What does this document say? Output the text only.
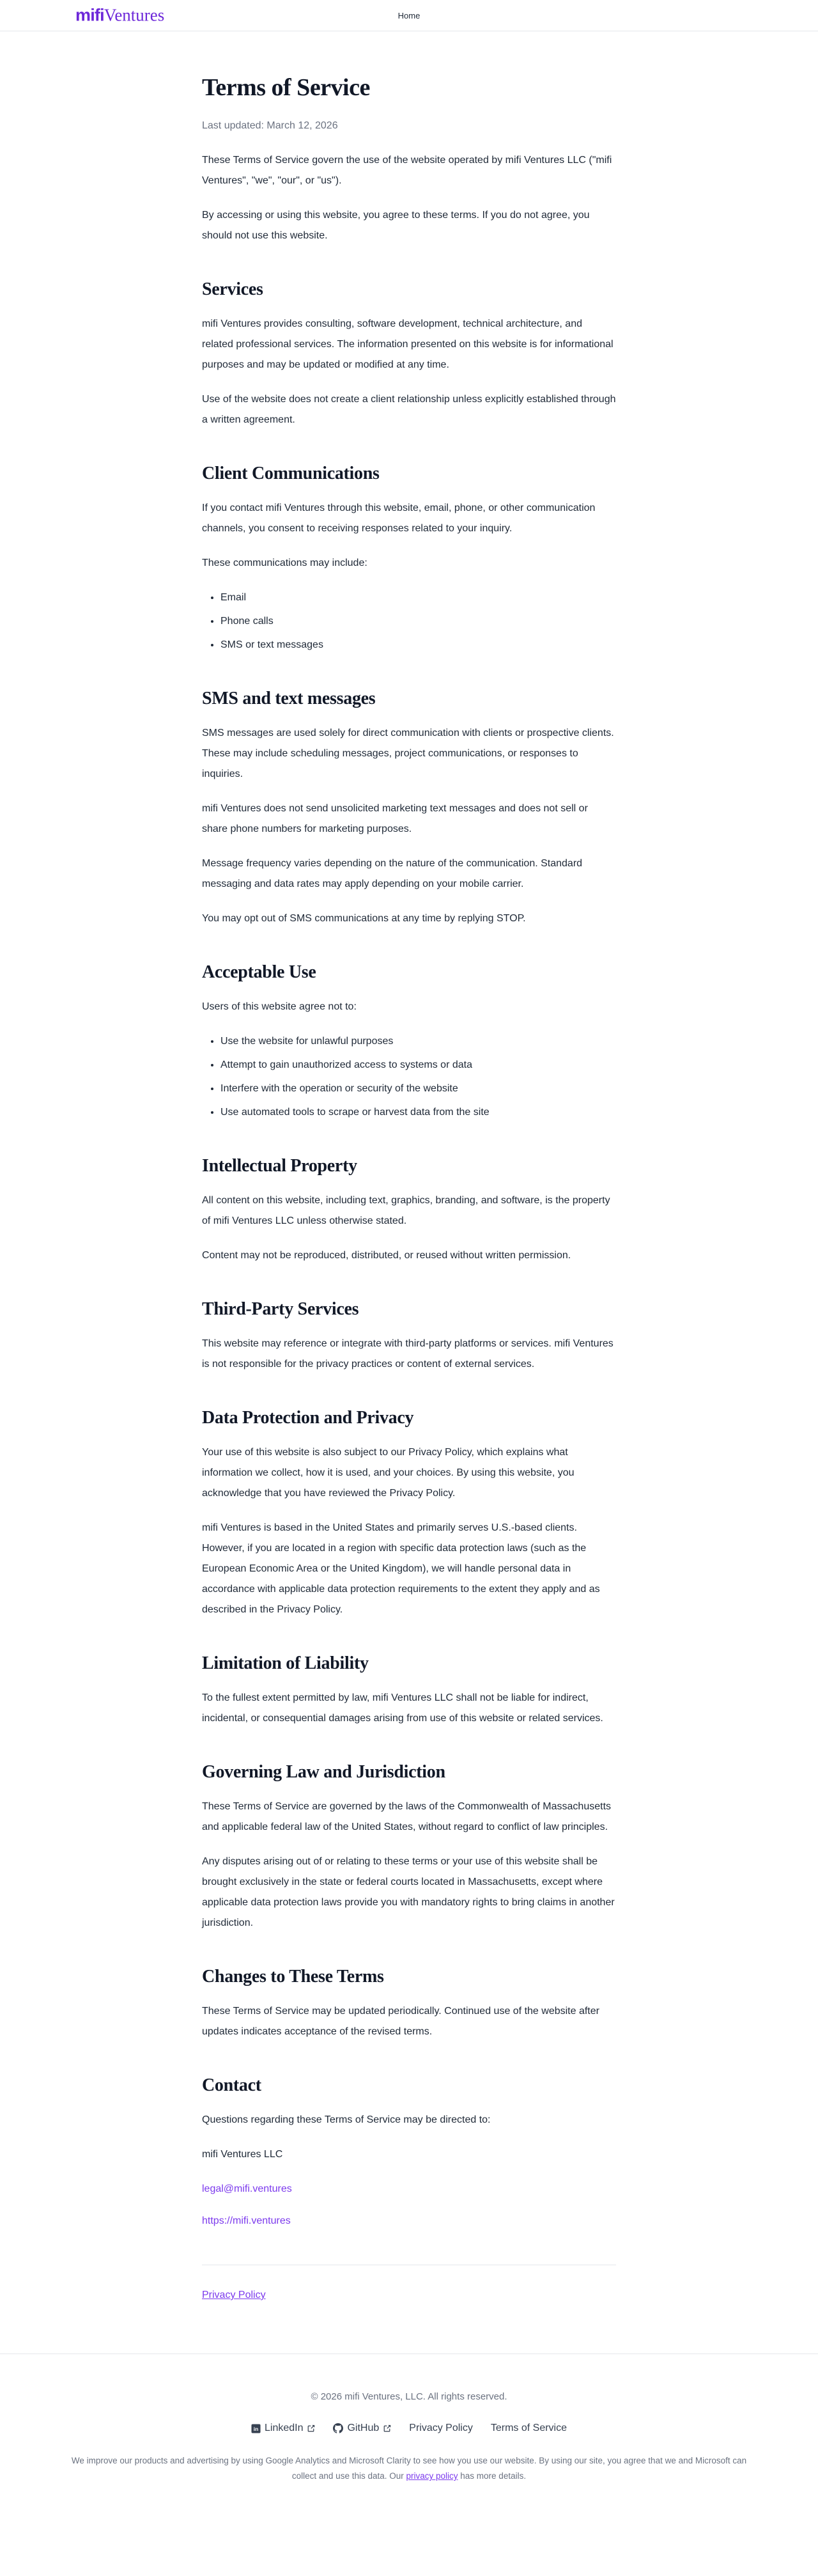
mifiVentures	Home
Terms of Service

Last updated: March 12, 2026

These Terms of Service govern the use of the website operated by mifi Ventures LLC ("mifi Ventures", "we", "our", or "us").

By accessing or using this website, you agree to these terms. If you do not agree, you should not use this website.

Services

mifi Ventures provides consulting, software development, technical architecture, and related professional services. The information presented on this website is for informational purposes and may be updated or modified at any time.

Use of the website does not create a client relationship unless explicitly established through a written agreement.

Client Communications

If you contact mifi Ventures through this website, email, phone, or other communication channels, you consent to receiving responses related to your inquiry.

These communications may include:

• Email
• Phone calls
• SMS or text messages
SMS and text messages

SMS messages are used solely for direct communication with clients or prospective clients. These may include scheduling messages, project communications, or responses to inquiries.

mifi Ventures does not send unsolicited marketing text messages and does not sell or share phone numbers for marketing purposes.

Message frequency varies depending on the nature of the communication. Standard messaging and data rates may apply depending on your mobile carrier.

You may opt out of SMS communications at any time by replying STOP.

Acceptable Use

Users of this website agree not to:

• Use the website for unlawful purposes
• Attempt to gain unauthorized access to systems or data
• Interfere with the operation or security of the website
• Use automated tools to scrape or harvest data from the site
Intellectual Property

All content on this website, including text, graphics, branding, and software, is the property of mifi Ventures LLC unless otherwise stated.

Content may not be reproduced, distributed, or reused without written permission.

Third-Party Services

This website may reference or integrate with third-party platforms or services. mifi Ventures is not responsible for the privacy practices or content of external services.

Data Protection and Privacy

Your use of this website is also subject to our Privacy Policy, which explains what information we collect, how it is used, and your choices. By using this website, you acknowledge that you have reviewed the Privacy Policy.

mifi Ventures is based in the United States and primarily serves U.S.-based clients. However, if you are located in a region with specific data protection laws (such as the European Economic Area or the United Kingdom), we will handle personal data in accordance with applicable data protection requirements to the extent they apply and as described in the Privacy Policy.

Limitation of Liability

To the fullest extent permitted by law, mifi Ventures LLC shall not be liable for indirect, incidental, or consequential damages arising from use of this website or related services.

Governing Law and Jurisdiction

These Terms of Service are governed by the laws of the Commonwealth of Massachusetts and applicable federal law of the United States, without regard to conflict of law principles.

Any disputes arising out of or relating to these terms or your use of this website shall be brought exclusively in the state or federal courts located in Massachusetts, except where applicable data protection laws provide you with mandatory rights to bring claims in another jurisdiction.

Changes to These Terms

These Terms of Service may be updated periodically. Continued use of the website after updates indicates acceptance of the revised terms.

Contact

Questions regarding these Terms of Service may be directed to:

mifi Ventures LLC

legal@mifi.ventures

https://mifi.ventures

Privacy Policy

© 2026 mifi Ventures, LLC. All rights reserved.

in LinkedIn	GitHub	Privacy Policy Terms of Service

We improve our products and advertising by using Google Analytics and Microsoft Clarity to see how you use our website. By using our site, you agree that we and Microsoft can collect and use this data. Our privacy policy has more details.
